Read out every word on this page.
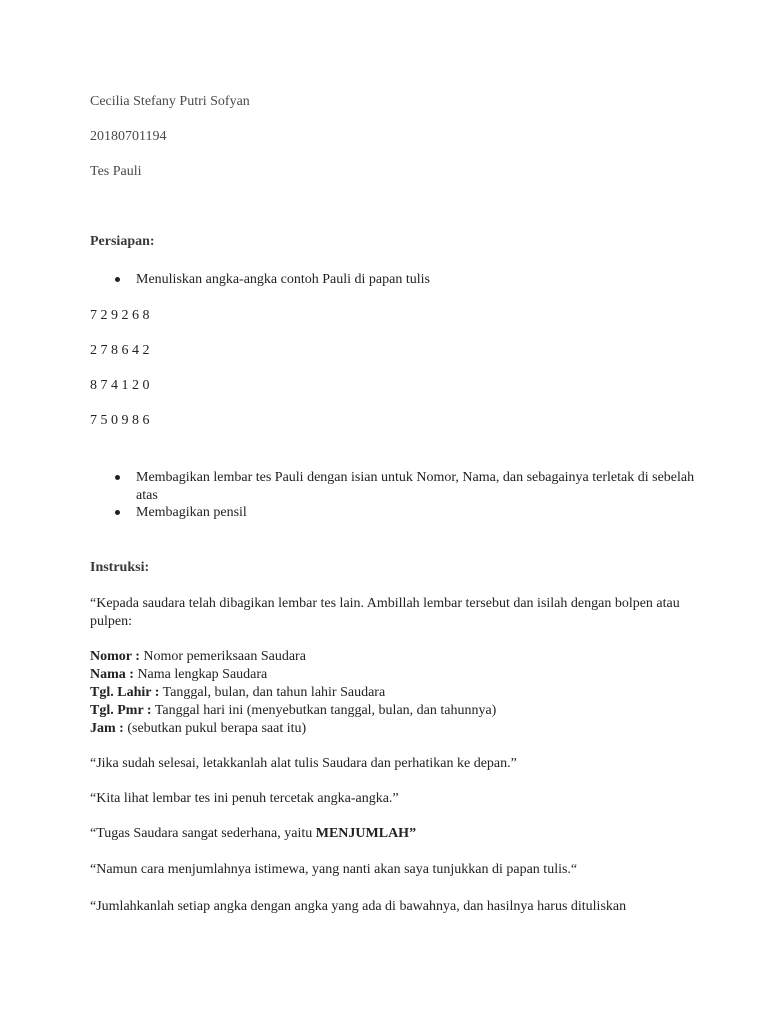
Cecilia Stefany Putri Sofyan
20180701194
Tes Pauli
Persiapan:
Menuliskan angka-angka contoh Pauli di papan tulis
7 2 9 2 6 8
2 7 8 6 4 2
8 7 4 1 2 0
7 5 0 9 8 6
Membagikan lembar tes Pauli dengan isian untuk Nomor, Nama, dan sebagainya terletak di sebelah atas
Membagikan pensil
Instruksi:
“Kepada saudara telah dibagikan lembar tes lain. Ambillah lembar tersebut dan isilah dengan bolpen atau pulpen:
Nomor : Nomor pemeriksaan Saudara
Nama : Nama lengkap Saudara
Tgl. Lahir : Tanggal, bulan, dan tahun lahir Saudara
Tgl. Pmr : Tanggal hari ini (menyebutkan tanggal, bulan, dan tahunnya)
Jam : (sebutkan pukul berapa saat itu)
“Jika sudah selesai, letakkanlah alat tulis Saudara dan perhatikan ke depan.”
“Kita lihat lembar tes ini penuh tercetak angka-angka.”
“Tugas Saudara sangat sederhana, yaitu MENJUMLAH”
“Namun cara menjumlahnya istimewa, yang nanti akan saya tunjukkan di papan tulis.“
“Jumlahkanlah setiap angka dengan angka yang ada di bawahnya, dan hasilnya harus dituliskan
